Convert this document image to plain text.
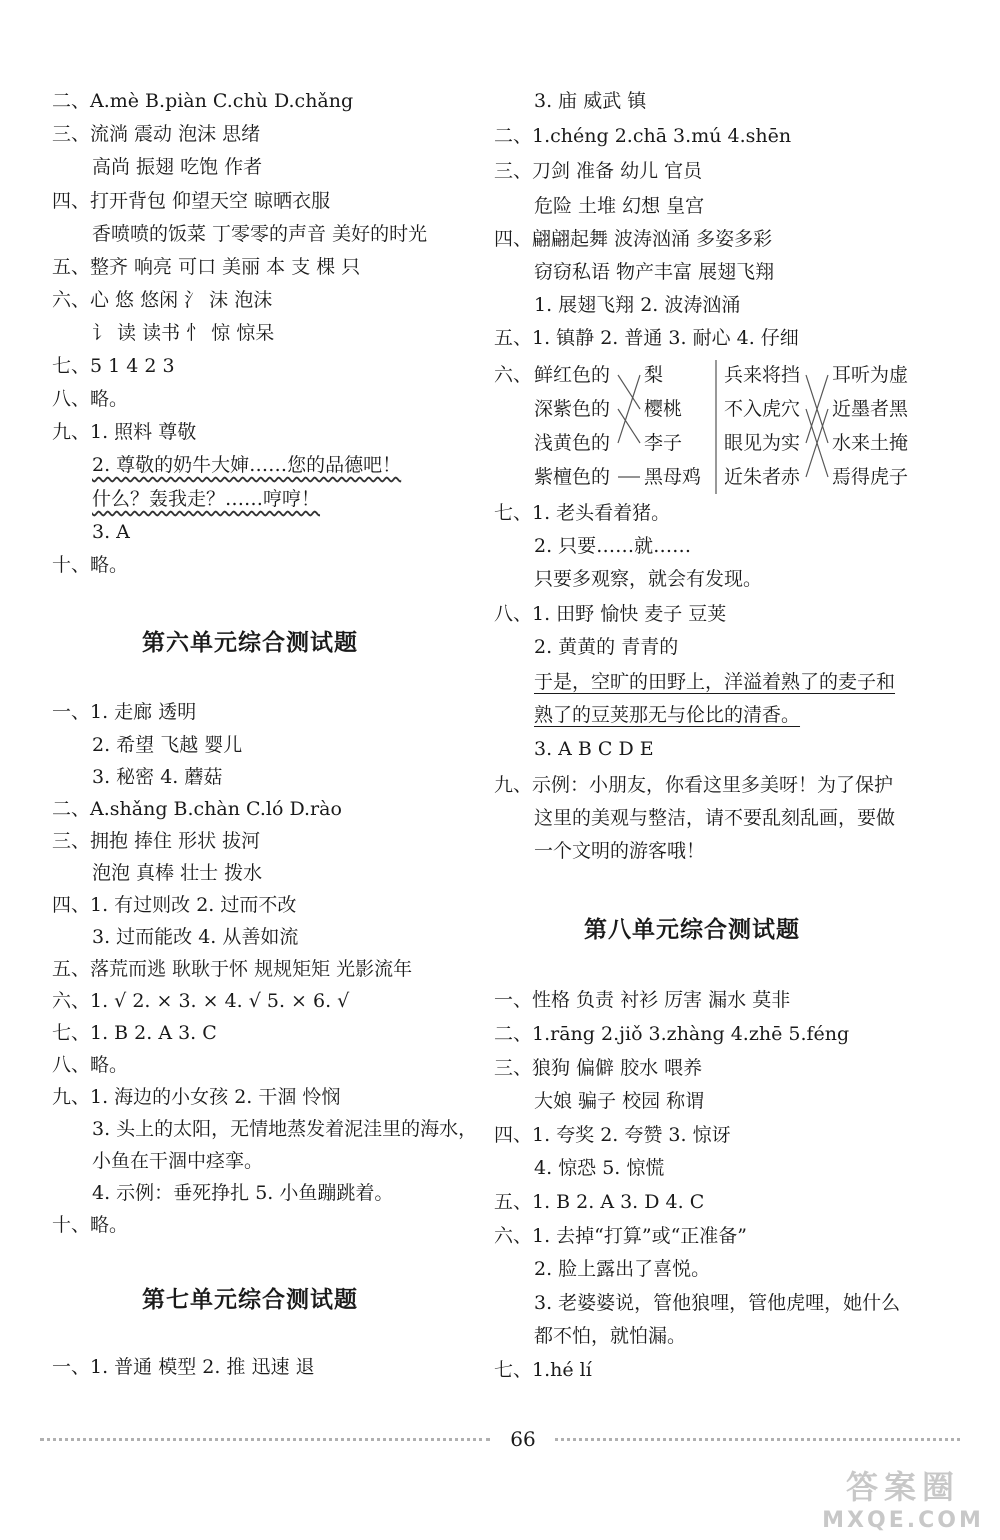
二、A.mè B.piàn C.chù D.chǎng
三、流淌 震动 泡沫 思绪
高尚 振翅 吃饱 作者
四、打开背包 仰望天空 晾晒衣服
香喷喷的饭菜 丁零零的声音 美好的时光
五、整齐 响亮 可口 美丽 本 支 棵 只
六、心 悠 悠闲 氵 沫 泡沫
讠 读 读书 忄 惊 惊呆
七、5 1 4 2 3
八、略。
九、1. 照料 尊敬
2. 尊敬的奶牛大婶……您的品德吧！
什么？轰我走？……哼哼！
3. A
十、略。
第六单元综合测试题
一、1. 走廊 透明
2. 希望 飞越 婴儿
3. 秘密 4. 蘑菇
二、A.shǎng B.chàn C.ló D.rào
三、拥抱 捧住 形状 拔河
泡泡 真棒 壮士 拨水
四、1. 有过则改 2. 过而不改
3. 过而能改 4. 从善如流
五、落荒而逃 耿耿于怀 规规矩矩 光影流年
六、1. √ 2. × 3. × 4. √ 5. × 6. √
七、1. B 2. A 3. C
八、略。
九、1. 海边的小女孩 2. 干涸 怜悯
3. 头上的太阳，无情地蒸发着泥洼里的海水，
小鱼在干涸中痉挛。
4. 示例：垂死挣扎 5. 小鱼蹦跳着。
十、略。
第七单元综合测试题
一、1. 普通 模型 2. 推 迅速 退
3. 庙 威武 镇
二、1.chéng 2.chā 3.mú 4.shēn
三、刀剑 准备 幼儿 官员
危险 土堆 幻想 皇宫
四、翩翩起舞 波涛汹涌 多姿多彩
窃窃私语 物产丰富 展翅飞翔
1. 展翅飞翔 2. 波涛汹涌
五、1. 镇静 2. 普通 3. 耐心 4. 仔细
六、 鲜红色的
深紫色的
浅黄色的
紫檀色的
梨
樱桃
李子
黑母鸡
兵来将挡
不入虎穴
眼见为实
近朱者赤
耳听为虚
近墨者黑
水来土掩
焉得虎子
七、1. 老头看着猪。
2. 只要……就……
只要多观察，就会有发现。
八、1. 田野 愉快 麦子 豆荚
2. 黄黄的 青青的
于是，空旷的田野上，洋溢着熟了的麦子和
熟了的豆荚那无与伦比的清香。
3. A B C D E
九、示例：小朋友，你看这里多美呀！为了保护
这里的美观与整洁，请不要乱刻乱画，要做
一个文明的游客哦！
第八单元综合测试题
一、性格 负责 衬衫 厉害 漏水 莫非
二、1.rāng 2.jiǒ 3.zhàng 4.zhē 5.féng
三、狼狗 偏僻 胶水 喂养
大娘 骗子 校园 称谓
四、1. 夸奖 2. 夸赞 3. 惊讶
4. 惊恐 5. 惊慌
五、1. B 2. A 3. D 4. C
六、1. 去掉“打算”或“正准备”
2. 脸上露出了喜悦。
3. 老婆婆说，管他狼哩，管他虎哩，她什么
都不怕，就怕漏。
七、1.hé lí
66
答案圈
MXQE.COM
